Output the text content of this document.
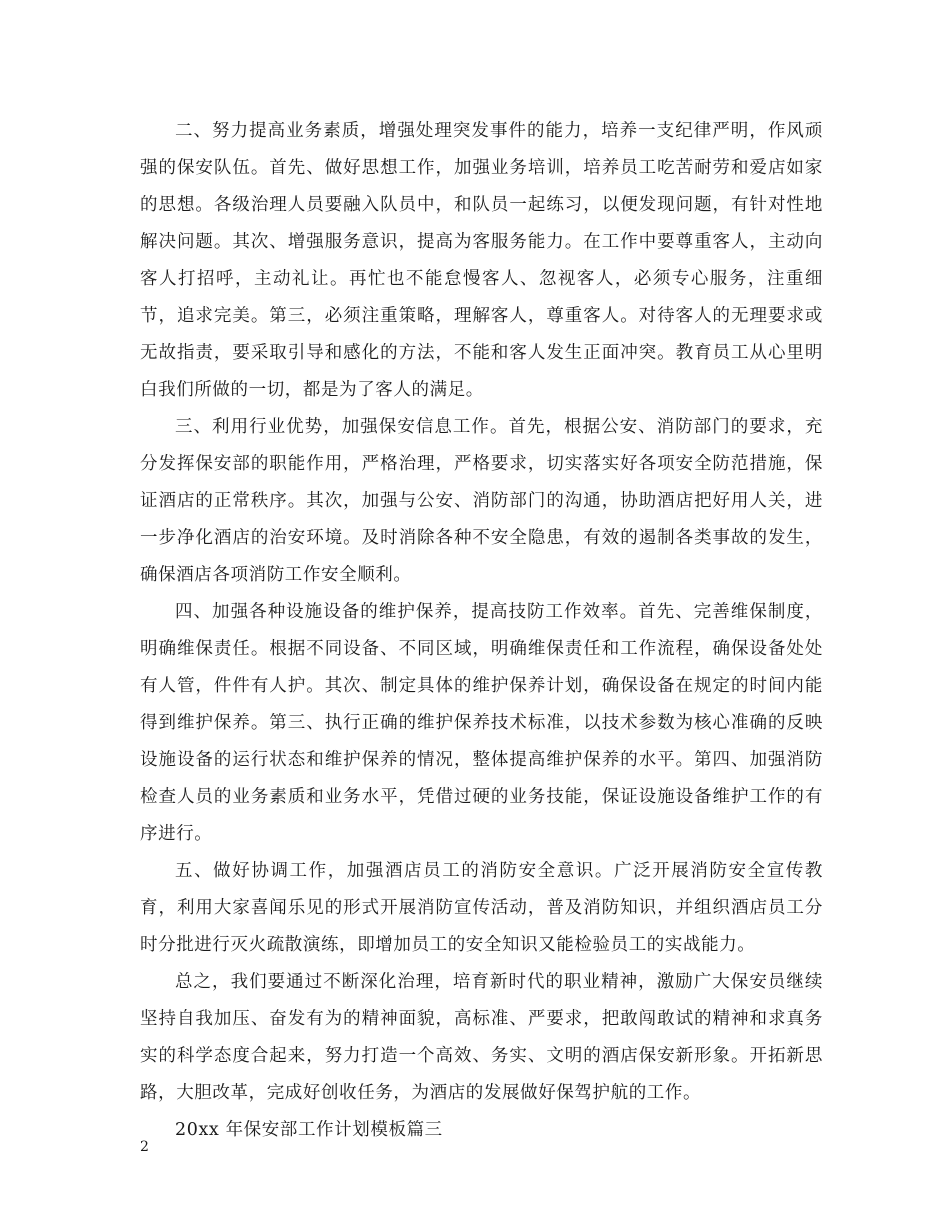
二、努力提高业务素质，增强处理突发事件的能力，培养一支纪律严明，作风顽强的保安队伍。首先、做好思想工作，加强业务培训，培养员工吃苦耐劳和爱店如家的思想。各级治理人员要融入队员中，和队员一起练习，以便发现问题，有针对性地解决问题。其次、增强服务意识，提高为客服务能力。在工作中要尊重客人，主动向客人打招呼，主动礼让。再忙也不能怠慢客人、忽视客人，必须专心服务，注重细节，追求完美。第三，必须注重策略，理解客人，尊重客人。对待客人的无理要求或无故指责，要采取引导和感化的方法，不能和客人发生正面冲突。教育员工从心里明白我们所做的一切，都是为了客人的满足。

三、利用行业优势，加强保安信息工作。首先，根据公安、消防部门的要求，充分发挥保安部的职能作用，严格治理，严格要求，切实落实好各项安全防范措施，保证酒店的正常秩序。其次，加强与公安、消防部门的沟通，协助酒店把好用人关，进一步净化酒店的治安环境。及时消除各种不安全隐患，有效的遏制各类事故的发生，确保酒店各项消防工作安全顺利。

四、加强各种设施设备的维护保养，提高技防工作效率。首先、完善维保制度，明确维保责任。根据不同设备、不同区域，明确维保责任和工作流程，确保设备处处有人管，件件有人护。其次、制定具体的维护保养计划，确保设备在规定的时间内能得到维护保养。第三、执行正确的维护保养技术标准，以技术参数为核心准确的反映设施设备的运行状态和维护保养的情况，整体提高维护保养的水平。第四、加强消防检查人员的业务素质和业务水平，凭借过硬的业务技能，保证设施设备维护工作的有序进行。

五、做好协调工作，加强酒店员工的消防安全意识。广泛开展消防安全宣传教育，利用大家喜闻乐见的形式开展消防宣传活动，普及消防知识，并组织酒店员工分时分批进行灭火疏散演练，即增加员工的安全知识又能检验员工的实战能力。

总之，我们要通过不断深化治理，培育新时代的职业精神，激励广大保安员继续坚持自我加压、奋发有为的精神面貌，高标准、严要求，把敢闯敢试的精神和求真务实的科学态度合起来，努力打造一个高效、务实、文明的酒店保安新形象。开拓新思路，大胆改革，完成好创收任务，为酒店的发展做好保驾护航的工作。

20xx 年保安部工作计划模板篇三

2
